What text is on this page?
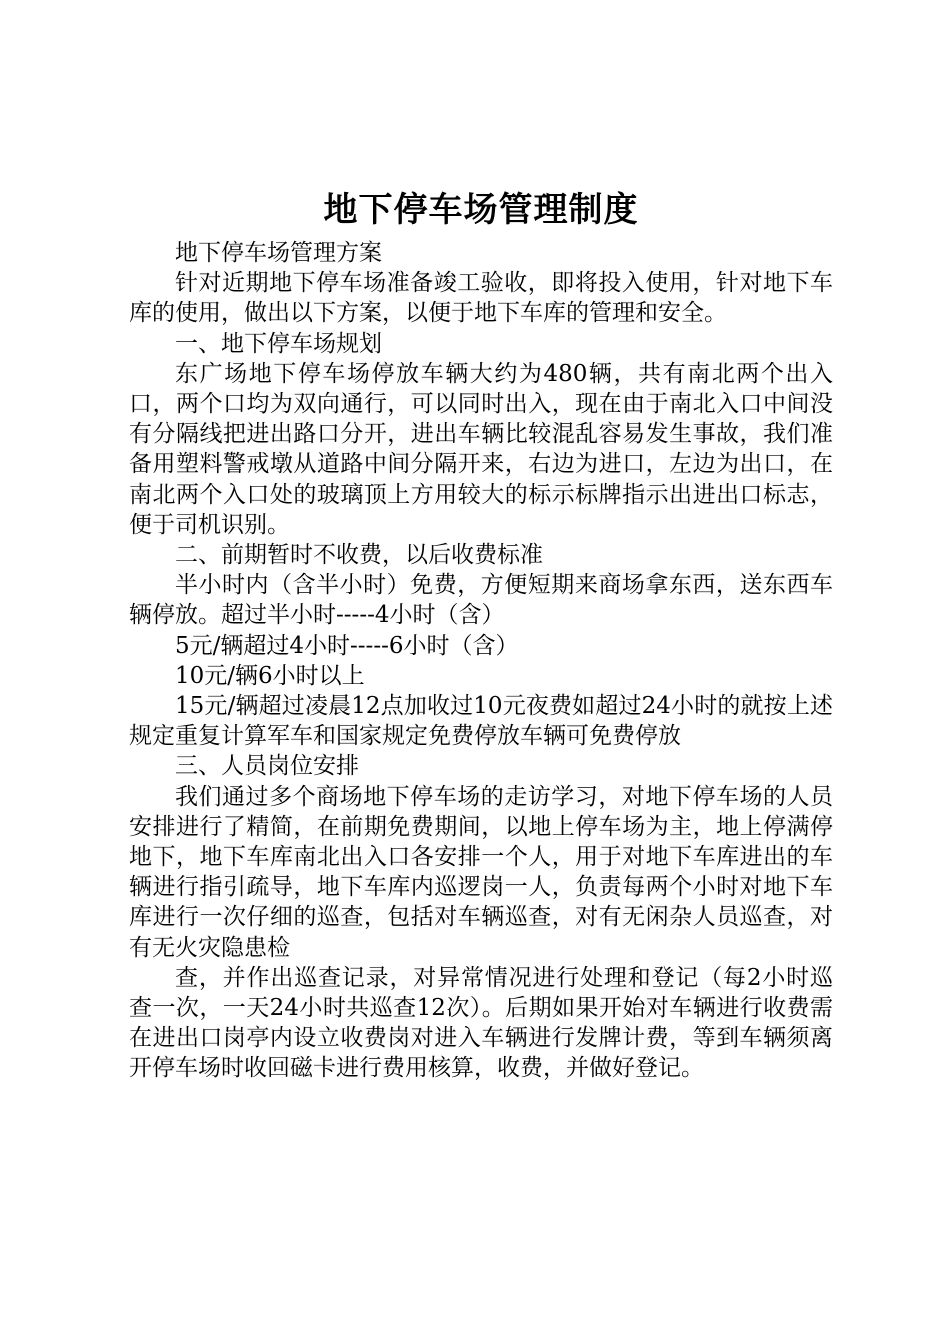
地下停车场管理制度

地下停车场管理方案

针对近期地下停车场准备竣工验收，即将投入使用，针对地下车库的使用，做出以下方案，以便于地下车库的管理和安全。

一、地下停车场规划

东广场地下停车场停放车辆大约为480辆，共有南北两个出入口，两个口均为双向通行，可以同时出入，现在由于南北入口中间没有分隔线把进出路口分开，进出车辆比较混乱容易发生事故，我们准备用塑料警戒墩从道路中间分隔开来，右边为进口，左边为出口，在南北两个入口处的玻璃顶上方用较大的标示标牌指示出进出口标志，便于司机识别。

二、前期暂时不收费，以后收费标准

半小时内（含半小时）免费，方便短期来商场拿东西，送东西车辆停放。超过半小时-----4小时（含）

5元/辆超过4小时-----6小时（含）

10元/辆6小时以上

15元/辆超过凌晨12点加收过10元夜费如超过24小时的就按上述规定重复计算军车和国家规定免费停放车辆可免费停放

三、人员岗位安排

我们通过多个商场地下停车场的走访学习，对地下停车场的人员安排进行了精简，在前期免费期间，以地上停车场为主，地上停满停地下，地下车库南北出入口各安排一个人，用于对地下车库进出的车辆进行指引疏导，地下车库内巡逻岗一人，负责每两个小时对地下车库进行一次仔细的巡查，包括对车辆巡查，对有无闲杂人员巡查，对有无火灾隐患检

查，并作出巡查记录，对异常情况进行处理和登记（每2小时巡查一次，一天24小时共巡查12次）。后期如果开始对车辆进行收费需在进出口岗亭内设立收费岗对进入车辆进行发牌计费，等到车辆须离开停车场时收回磁卡进行费用核算，收费，并做好登记。
